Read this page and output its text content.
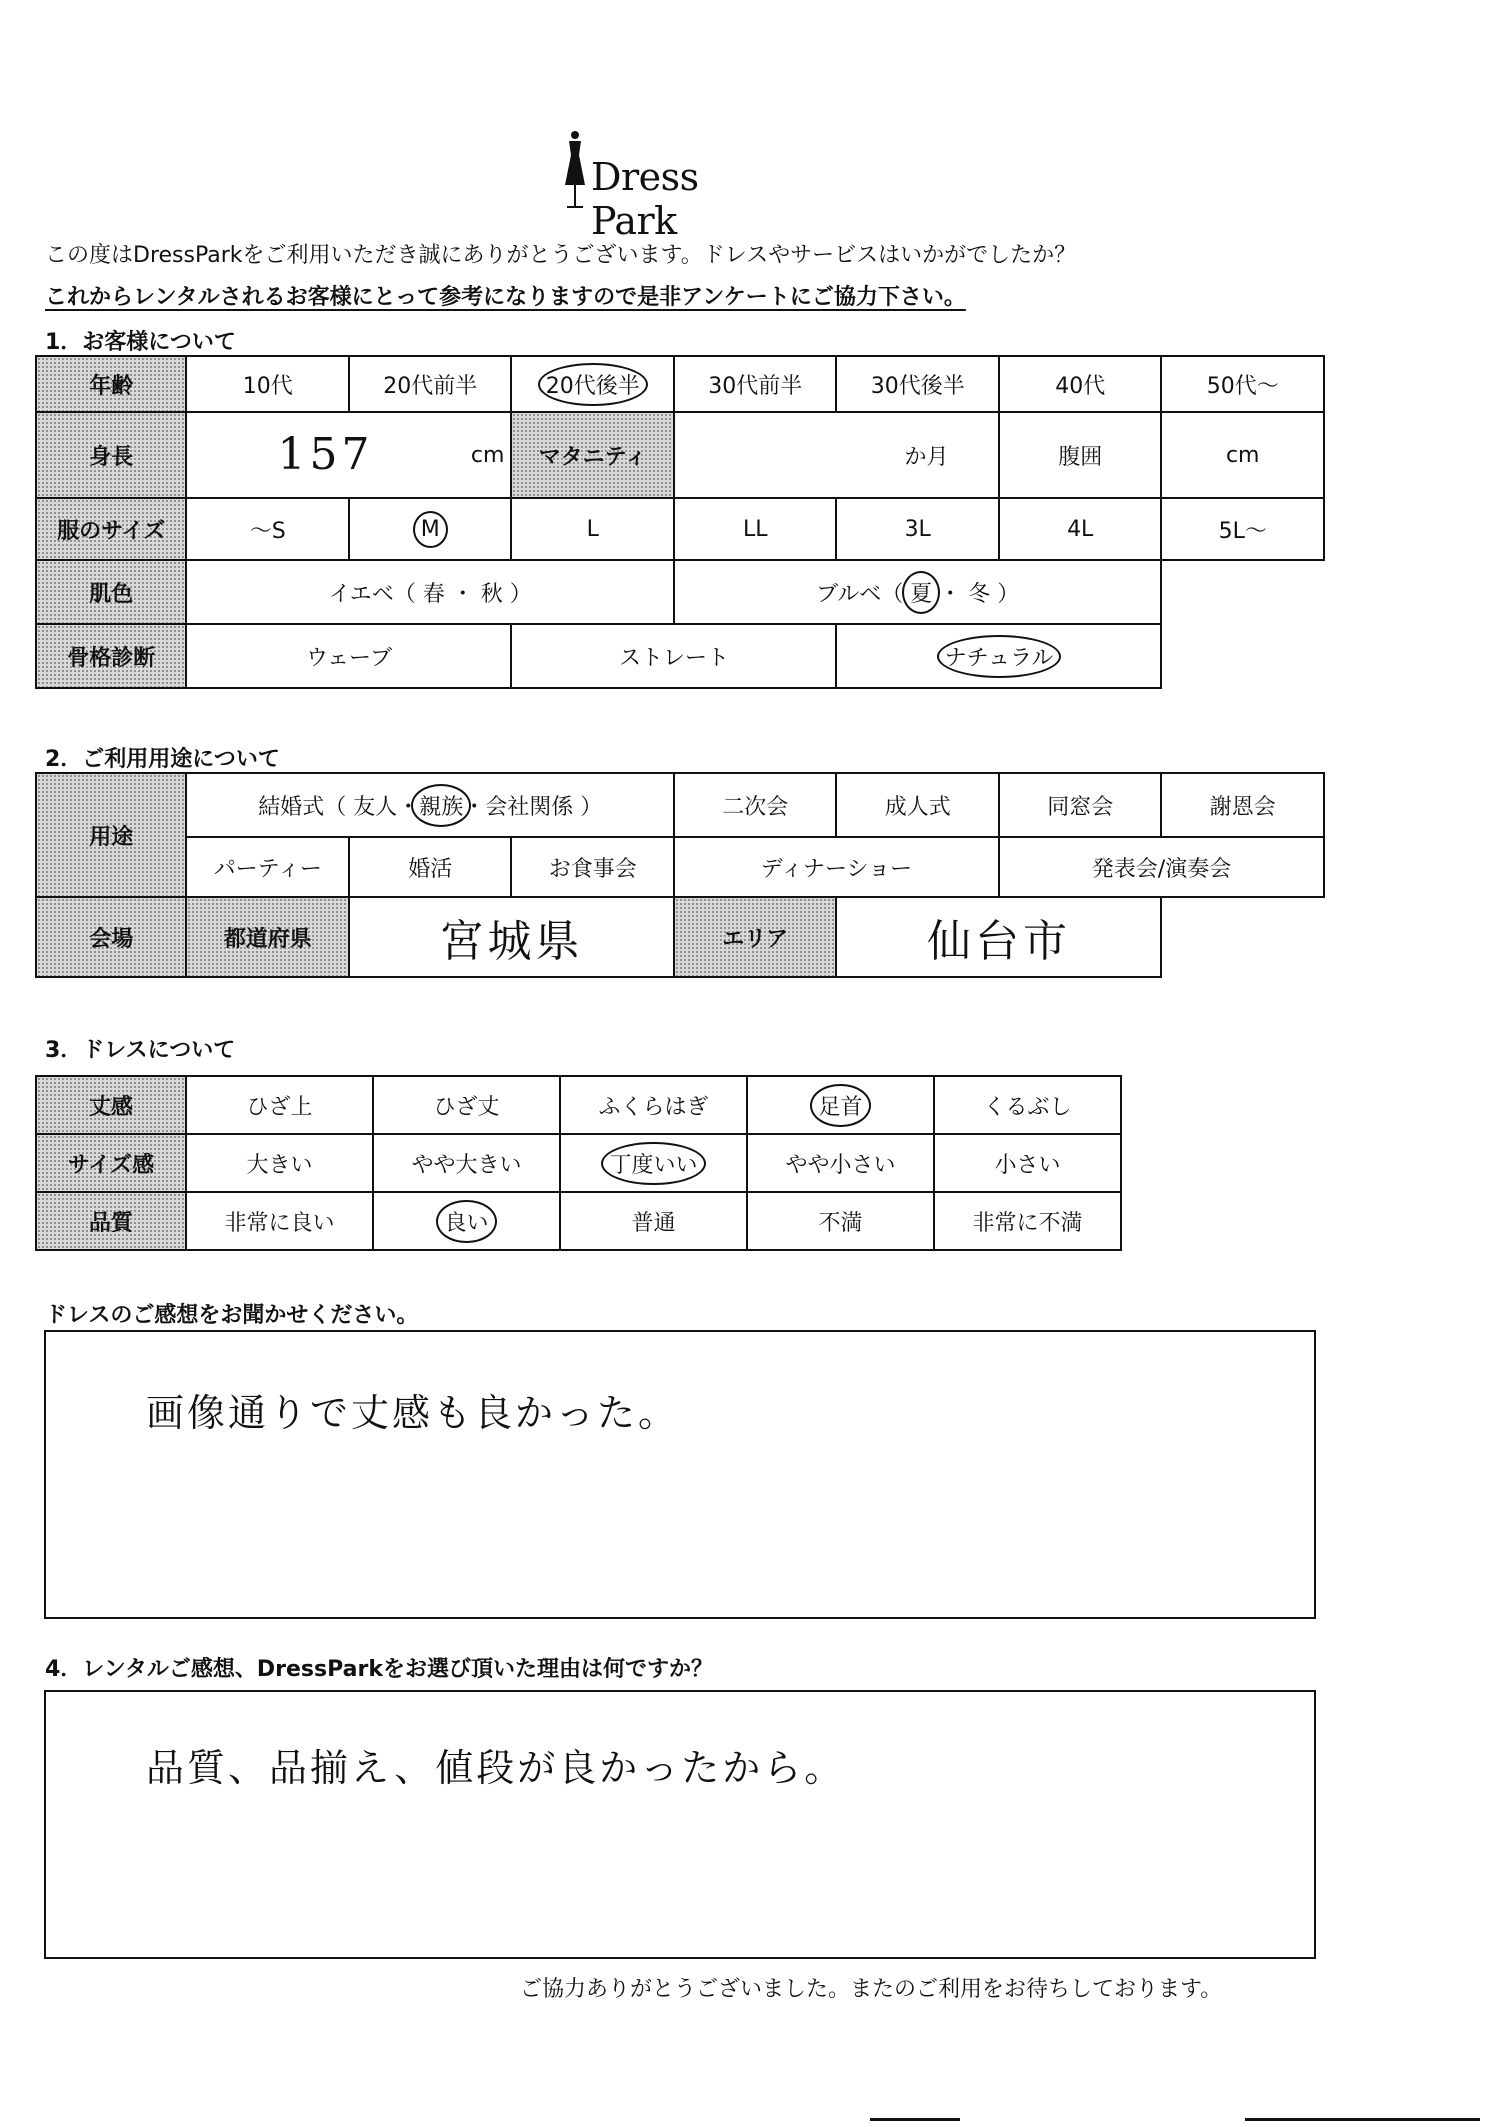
Dress Park
この度はDressParkをご利用いただき誠にありがとうございます。ドレスやサービスはいかがでしたか？
これからレンタルされるお客様にとって参考になりますので是非アンケートにご協力下さい。
1．お客様について
年齢	10代	20代前半	20代後半	30代前半	30代後半	40代	50代～
身長	157 cm		マタニティ	か月		腹囲	cm
服のサイズ	～S	M	L	LL	3L	4L	5L～
肌色	イエベ（ 春 ・ 秋 ）			ブルベ（ 夏 ・ 冬 ）			
骨格診断	ウェーブ		ストレート		ナチュラル		
2．ご利用用途について
用途	結婚式（ 友人・親族・会社関係 ）			二次会	成人式	同窓会	謝恩会
	パーティー	婚活	お食事会	ディナーショー		発表会/演奏会	
会場	都道府県	宮城県		エリア	仙台市		
3．ドレスについて
丈感	ひざ上	ひざ丈	ふくらはぎ	足首	くるぶし
サイズ感	大きい	やや大きい	丁度いい	やや小さい	小さい
品質	非常に良い	良い	普通	不満	非常に不満
ドレスのご感想をお聞かせください。
画像通りで丈感も良かった。
4．レンタルご感想、DressParkをお選び頂いた理由は何ですか？
品質、品揃え、値段が良かったから。
ご協力ありがとうございました。またのご利用をお待ちしております。
